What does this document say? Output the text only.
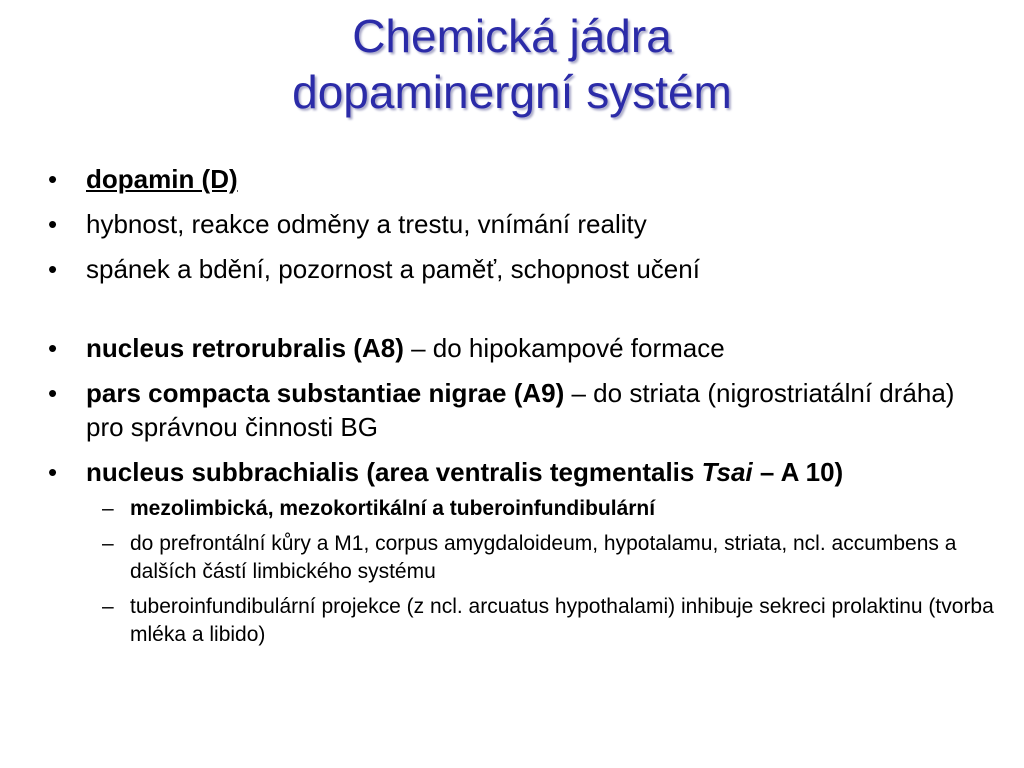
Chemická jádra
dopaminergní systém
• dopamin (D)
• hybnost, reakce odměny a trestu, vnímání reality
• spánek a bdění, pozornost a paměť, schopnost učení
• nucleus retrorubralis (A8) – do hipokampové formace
• pars compacta substantiae nigrae (A9) – do striata (nigrostriatální dráha) pro správnou činnosti BG
• nucleus subbrachialis (area ventralis tegmentalis Tsai – A 10)
– mezolimbická, mezokortikální a tuberoinfundibulární
– do prefrontální kůry a M1, corpus amygdaloideum, hypotalamu, striata, ncl. accumbens a dalších částí limbického systému
– tuberoinfundibulární projekce (z ncl. arcuatus hypothalami) inhibuje sekreci prolaktinu (tvorba mléka a libido)
